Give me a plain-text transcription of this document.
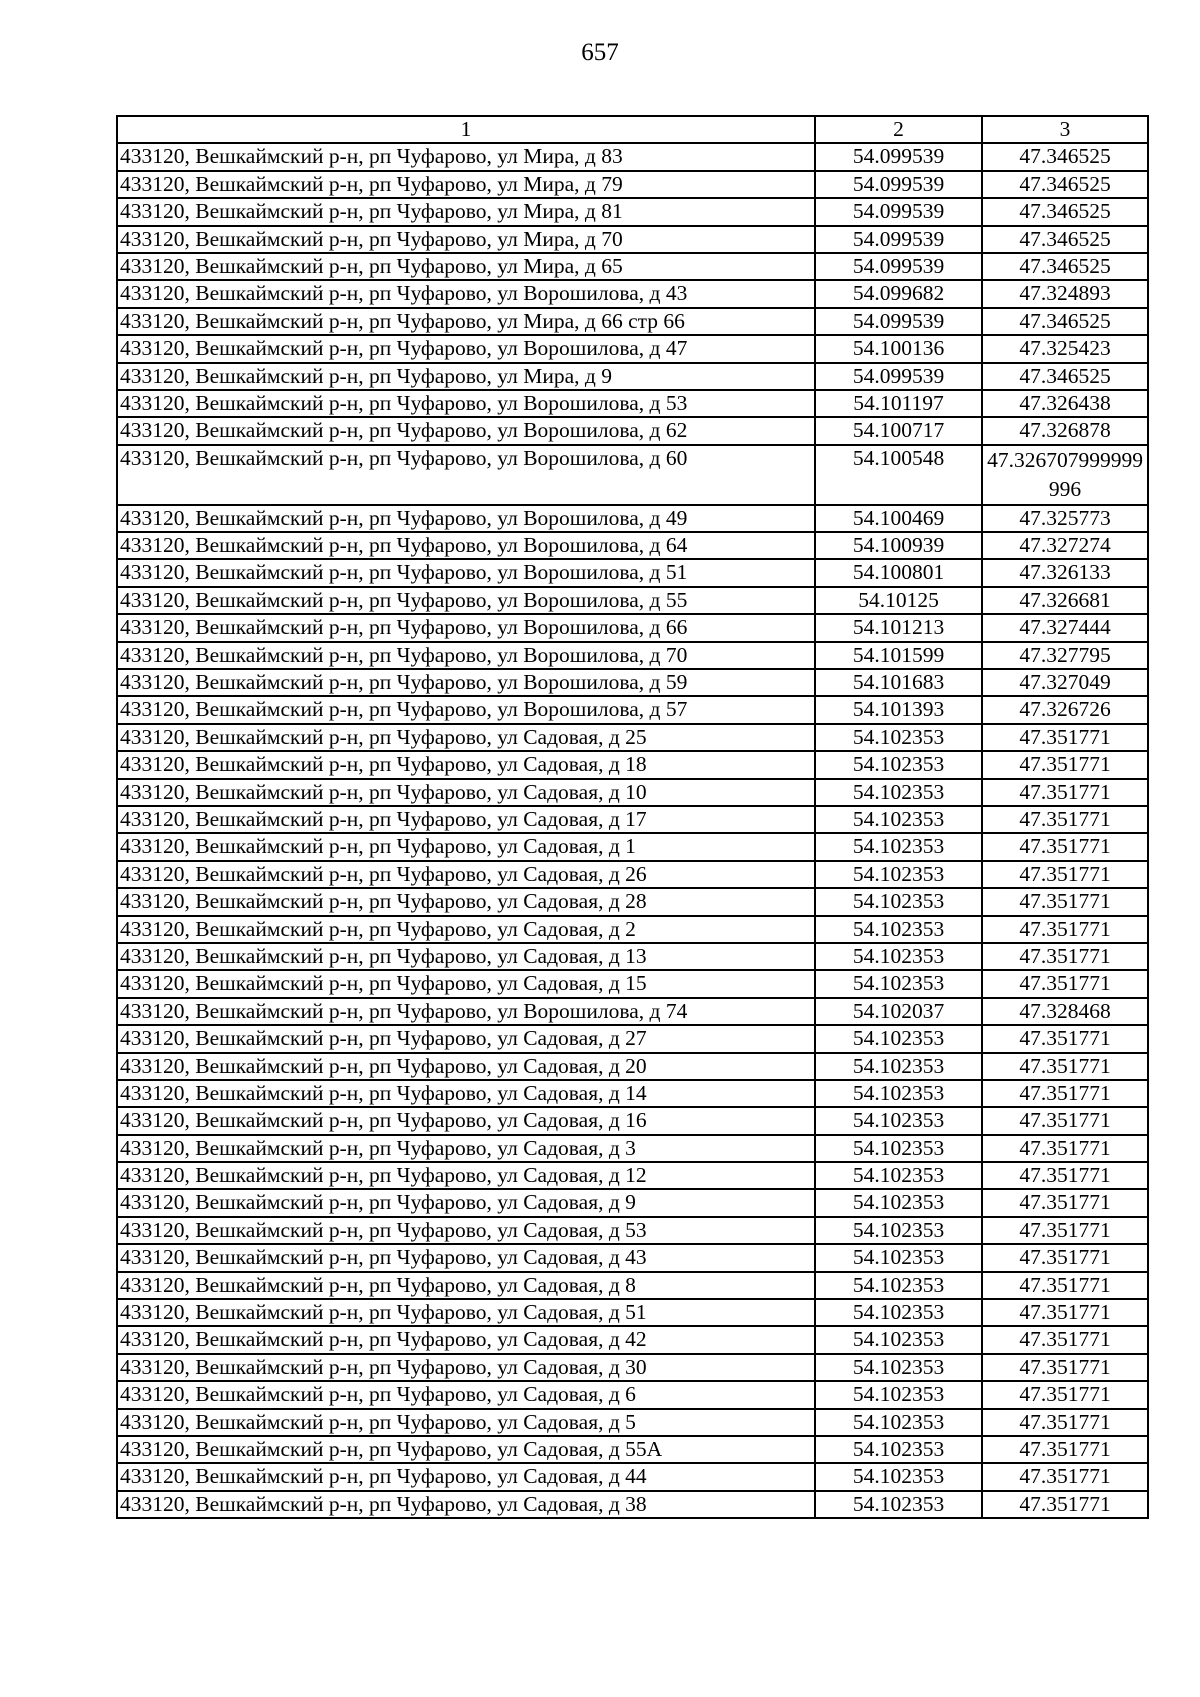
657
1	2	3
433120, Вешкаймский р-н, рп Чуфарово, ул Мира, д 83	54.099539	47.346525
433120, Вешкаймский р-н, рп Чуфарово, ул Мира, д 79	54.099539	47.346525
433120, Вешкаймский р-н, рп Чуфарово, ул Мира, д 81	54.099539	47.346525
433120, Вешкаймский р-н, рп Чуфарово, ул Мира, д 70	54.099539	47.346525
433120, Вешкаймский р-н, рп Чуфарово, ул Мира, д 65	54.099539	47.346525
433120, Вешкаймский р-н, рп Чуфарово, ул Ворошилова, д 43	54.099682	47.324893
433120, Вешкаймский р-н, рп Чуфарово, ул Мира, д 66 стр 66	54.099539	47.346525
433120, Вешкаймский р-н, рп Чуфарово, ул Ворошилова, д 47	54.100136	47.325423
433120, Вешкаймский р-н, рп Чуфарово, ул Мира, д 9	54.099539	47.346525
433120, Вешкаймский р-н, рп Чуфарово, ул Ворошилова, д 53	54.101197	47.326438
433120, Вешкаймский р-н, рп Чуфарово, ул Ворошилова, д 62	54.100717	47.326878
433120, Вешкаймский р-н, рп Чуфарово, ул Ворошилова, д 60	54.100548	47.326707999999996
433120, Вешкаймский р-н, рп Чуфарово, ул Ворошилова, д 49	54.100469	47.325773
433120, Вешкаймский р-н, рп Чуфарово, ул Ворошилова, д 64	54.100939	47.327274
433120, Вешкаймский р-н, рп Чуфарово, ул Ворошилова, д 51	54.100801	47.326133
433120, Вешкаймский р-н, рп Чуфарово, ул Ворошилова, д 55	54.10125	47.326681
433120, Вешкаймский р-н, рп Чуфарово, ул Ворошилова, д 66	54.101213	47.327444
433120, Вешкаймский р-н, рп Чуфарово, ул Ворошилова, д 70	54.101599	47.327795
433120, Вешкаймский р-н, рп Чуфарово, ул Ворошилова, д 59	54.101683	47.327049
433120, Вешкаймский р-н, рп Чуфарово, ул Ворошилова, д 57	54.101393	47.326726
433120, Вешкаймский р-н, рп Чуфарово, ул Садовая, д 25	54.102353	47.351771
433120, Вешкаймский р-н, рп Чуфарово, ул Садовая, д 18	54.102353	47.351771
433120, Вешкаймский р-н, рп Чуфарово, ул Садовая, д 10	54.102353	47.351771
433120, Вешкаймский р-н, рп Чуфарово, ул Садовая, д 17	54.102353	47.351771
433120, Вешкаймский р-н, рп Чуфарово, ул Садовая, д 1	54.102353	47.351771
433120, Вешкаймский р-н, рп Чуфарово, ул Садовая, д 26	54.102353	47.351771
433120, Вешкаймский р-н, рп Чуфарово, ул Садовая, д 28	54.102353	47.351771
433120, Вешкаймский р-н, рп Чуфарово, ул Садовая, д 2	54.102353	47.351771
433120, Вешкаймский р-н, рп Чуфарово, ул Садовая, д 13	54.102353	47.351771
433120, Вешкаймский р-н, рп Чуфарово, ул Садовая, д 15	54.102353	47.351771
433120, Вешкаймский р-н, рп Чуфарово, ул Ворошилова, д 74	54.102037	47.328468
433120, Вешкаймский р-н, рп Чуфарово, ул Садовая, д 27	54.102353	47.351771
433120, Вешкаймский р-н, рп Чуфарово, ул Садовая, д 20	54.102353	47.351771
433120, Вешкаймский р-н, рп Чуфарово, ул Садовая, д 14	54.102353	47.351771
433120, Вешкаймский р-н, рп Чуфарово, ул Садовая, д 16	54.102353	47.351771
433120, Вешкаймский р-н, рп Чуфарово, ул Садовая, д 3	54.102353	47.351771
433120, Вешкаймский р-н, рп Чуфарово, ул Садовая, д 12	54.102353	47.351771
433120, Вешкаймский р-н, рп Чуфарово, ул Садовая, д 9	54.102353	47.351771
433120, Вешкаймский р-н, рп Чуфарово, ул Садовая, д 53	54.102353	47.351771
433120, Вешкаймский р-н, рп Чуфарово, ул Садовая, д 43	54.102353	47.351771
433120, Вешкаймский р-н, рп Чуфарово, ул Садовая, д 8	54.102353	47.351771
433120, Вешкаймский р-н, рп Чуфарово, ул Садовая, д 51	54.102353	47.351771
433120, Вешкаймский р-н, рп Чуфарово, ул Садовая, д 42	54.102353	47.351771
433120, Вешкаймский р-н, рп Чуфарово, ул Садовая, д 30	54.102353	47.351771
433120, Вешкаймский р-н, рп Чуфарово, ул Садовая, д 6	54.102353	47.351771
433120, Вешкаймский р-н, рп Чуфарово, ул Садовая, д 5	54.102353	47.351771
433120, Вешкаймский р-н, рп Чуфарово, ул Садовая, д 55А	54.102353	47.351771
433120, Вешкаймский р-н, рп Чуфарово, ул Садовая, д 44	54.102353	47.351771
433120, Вешкаймский р-н, рп Чуфарово, ул Садовая, д 38	54.102353	47.351771
